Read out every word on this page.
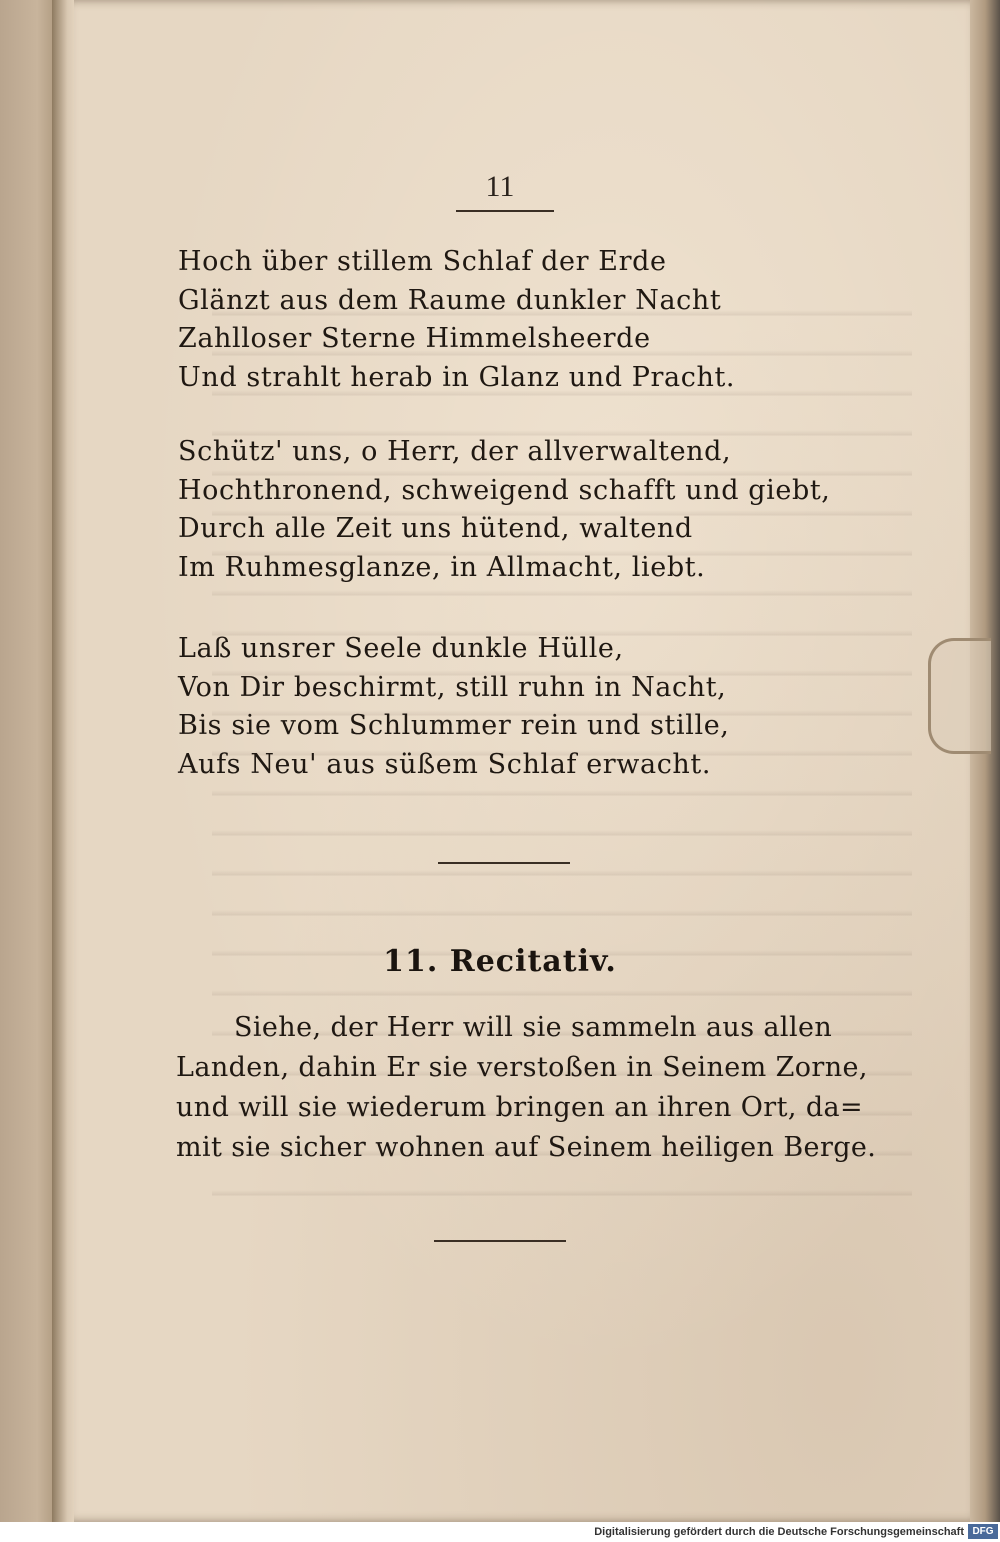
11
Hoch über stillem Schlaf der Erde
Glänzt aus dem Raume dunkler Nacht
Zahlloser Sterne Himmelsheerde
Und strahlt herab in Glanz und Pracht.
Schütz' uns, o Herr, der allverwaltend,
Hochthronend, schweigend schafft und giebt,
Durch alle Zeit uns hütend, waltend
Im Ruhmesglanze, in Allmacht, liebt.
Laß unsrer Seele dunkle Hülle,
Von Dir beschirmt, still ruhn in Nacht,
Bis sie vom Schlummer rein und stille,
Aufs Neu' aus süßem Schlaf erwacht.
11. Recitativ.
Siehe, der Herr will sie sammeln aus allen
Landen, dahin Er sie verstoßen in Seinem Zorne,
und will sie wiederum bringen an ihren Ort, da=
mit sie sicher wohnen auf Seinem heiligen Berge.
Digitalisierung gefördert durch die Deutsche Forschungsgemeinschaft DFG
